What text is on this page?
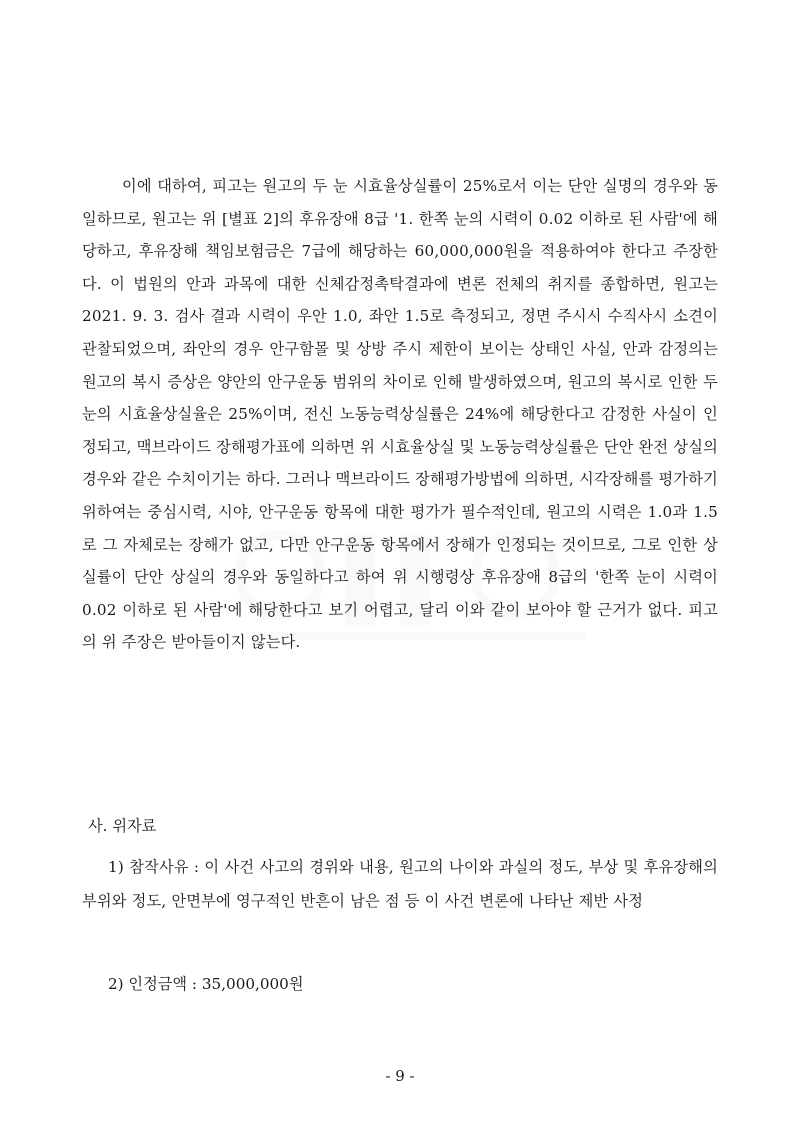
이에 대하여, 피고는 원고의 두 눈 시효율상실률이 25%로서 이는 단안 실명의 경우와 동일하므로, 원고는 위 [별표 2]의 후유장애 8급 '1. 한쪽 눈의 시력이 0.02 이하로 된 사람'에 해당하고, 후유장해 책임보험금은 7급에 해당하는 60,000,000원을 적용하여야 한다고 주장한다. 이 법원의 안과 과목에 대한 신체감정촉탁결과에 변론 전체의 취지를 종합하면, 원고는 2021. 9. 3. 검사 결과 시력이 우안 1.0, 좌안 1.5로 측정되고, 정면 주시시 수직사시 소견이 관찰되었으며, 좌안의 경우 안구함몰 및 상방 주시 제한이 보이는 상태인 사실, 안과 감정의는 원고의 복시 증상은 양안의 안구운동 범위의 차이로 인해 발생하였으며, 원고의 복시로 인한 두 눈의 시효율상실율은 25%이며, 전신 노동능력상실률은 24%에 해당한다고 감정한 사실이 인정되고, 맥브라이드 장해평가표에 의하면 위 시효율상실 및 노동능력상실률은 단안 완전 상실의 경우와 같은 수치이기는 하다. 그러나 맥브라이드 장해평가방법에 의하면, 시각장해를 평가하기 위하여는 중심시력, 시야, 안구운동 항목에 대한 평가가 필수적인데, 원고의 시력은 1.0과 1.5로 그 자체로는 장해가 없고, 다만 안구운동 항목에서 장해가 인정되는 것이므로, 그로 인한 상실률이 단안 상실의 경우와 동일하다고 하여 위 시행령상 후유장애 8급의 '한쪽 눈이 시력이 0.02 이하로 된 사람'에 해당한다고 보기 어렵고, 달리 이와 같이 보아야 할 근거가 없다. 피고의 위 주장은 받아들이지 않는다.

사. 위자료

1) 참작사유 : 이 사건 사고의 경위와 내용, 원고의 나이와 과실의 정도, 부상 및 후유장해의 부위와 정도, 안면부에 영구적인 반흔이 남은 점 등 이 사건 변론에 나타난 제반 사정

2) 인정금액 : 35,000,000원

- 9 -
